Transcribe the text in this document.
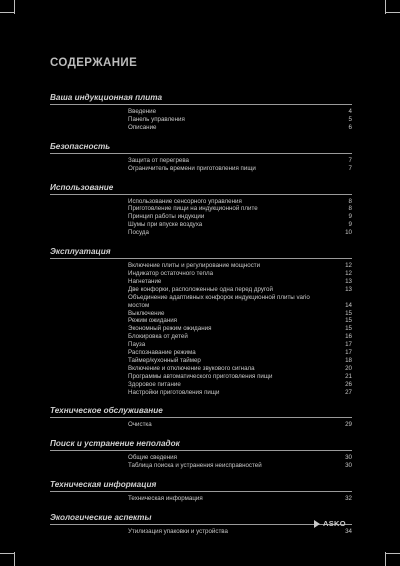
СОДЕРЖАНИЕ
Ваша индукционная плита
Введение	4
Панель управления	5
Описание	6
Безопасность
Защита от перегрева	7
Ограничитель времени приготовления пищи	7
Использование
Использование сенсорного управления	8
Приготовление пищи на индукционной плите	8
Принцип работы индукции	9
Шумы при впуске воздуха	9
Посуда	10
Эксплуатация
Включение плиты и регулирование мощности	12
Индикатор остаточного тепла	12
Нагнетание	13
Две конфорки, расположенные одна перед другой	13
Объединение адаптивных конфорок индукционной плиты vario мостом	14
Выключение	15
Режим ожидания	15
Экономный режим ожидания	15
Блокировка от детей	16
Пауза	17
Распознавание режима	17
Таймер/кухонный таймер	18
Включение и отключение звукового сигнала	20
Программы автоматического приготовления пищи	21
Здоровое питание	26
Настройки приготовления пищи	27
Техническое обслуживание
Очистка	29
Поиск и устранение неполадок
Общие сведения	30
Таблица поиска и устранения неисправностей	30
Техническая информация
Техническая информация	32
Экологические аспекты
Утилизация упаковки и устройства	34
ASKO
